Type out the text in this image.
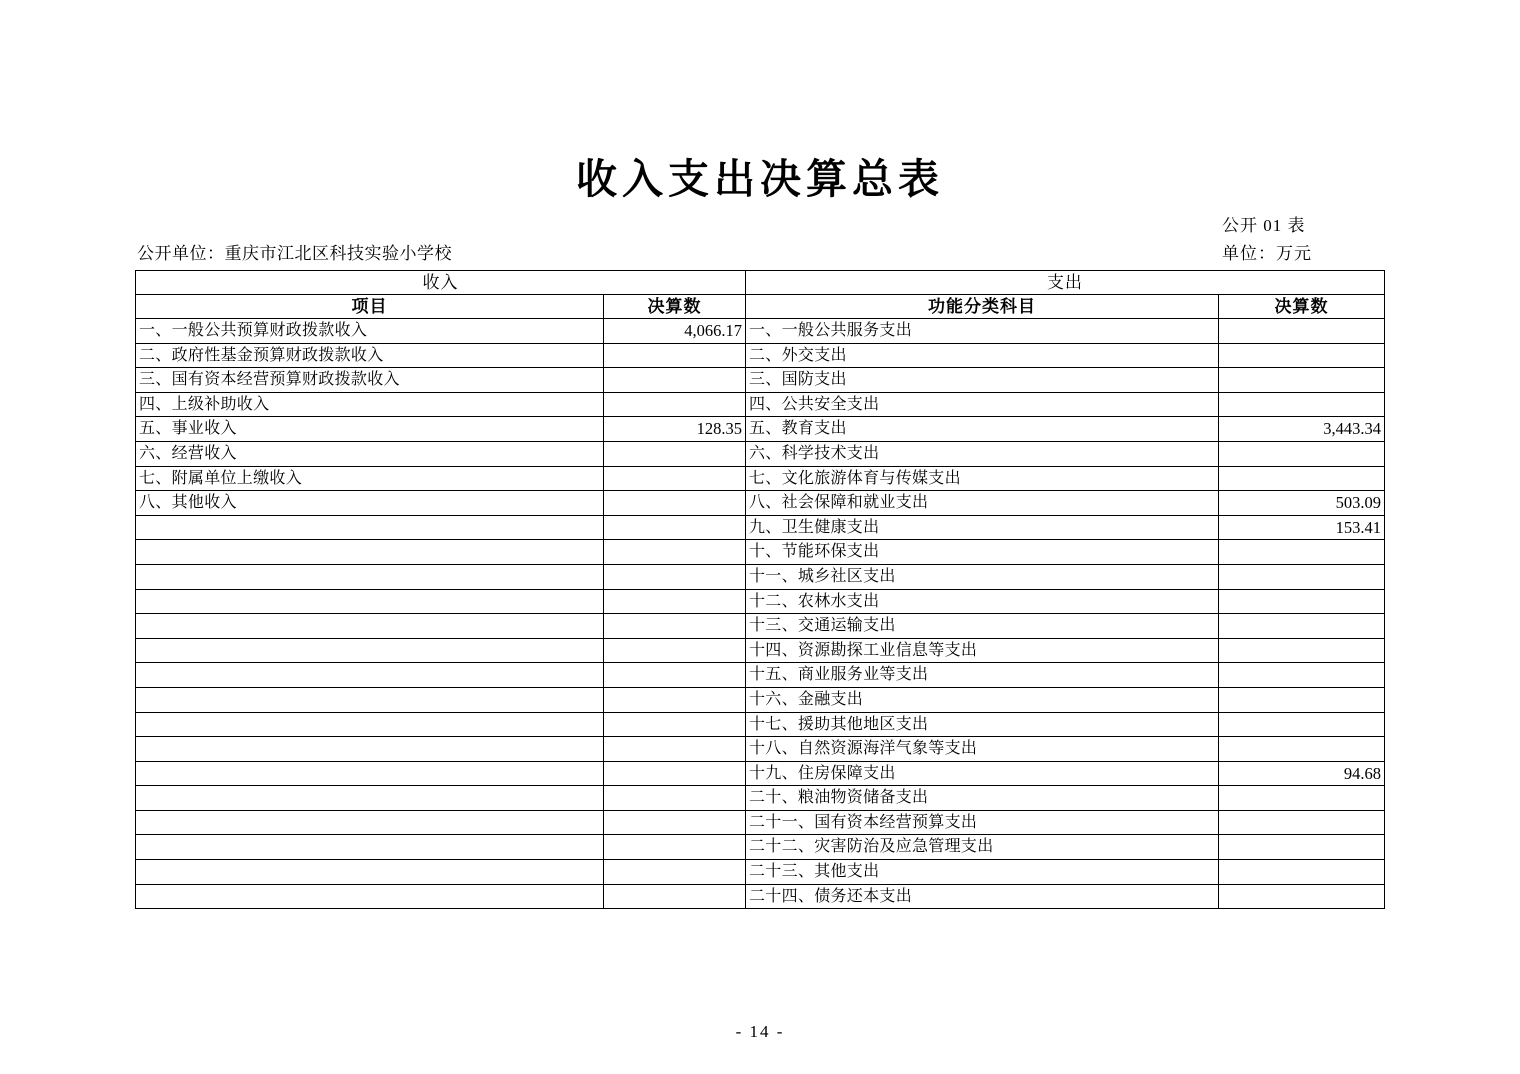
收入支出决算总表
公开 01 表
单位：万元
公开单位：重庆市江北区科技实验小学校
收入		支出	
项目	决算数	功能分类科目	决算数
一、一般公共预算财政拨款收入	4,066.17	一、一般公共服务支出	
二、政府性基金预算财政拨款收入		二、外交支出	
三、国有资本经营预算财政拨款收入		三、国防支出	
四、上级补助收入		四、公共安全支出	
五、事业收入	128.35	五、教育支出	3,443.34
六、经营收入		六、科学技术支出	
七、附属单位上缴收入		七、文化旅游体育与传媒支出	
八、其他收入		八、社会保障和就业支出	503.09
		九、卫生健康支出	153.41
		十、节能环保支出	
		十一、城乡社区支出	
		十二、农林水支出	
		十三、交通运输支出	
		十四、资源勘探工业信息等支出	
		十五、商业服务业等支出	
		十六、金融支出	
		十七、援助其他地区支出	
		十八、自然资源海洋气象等支出	
		十九、住房保障支出	94.68
		二十、粮油物资储备支出	
		二十一、国有资本经营预算支出	
		二十二、灾害防治及应急管理支出	
		二十三、其他支出	
		二十四、债务还本支出	
- 14 -
